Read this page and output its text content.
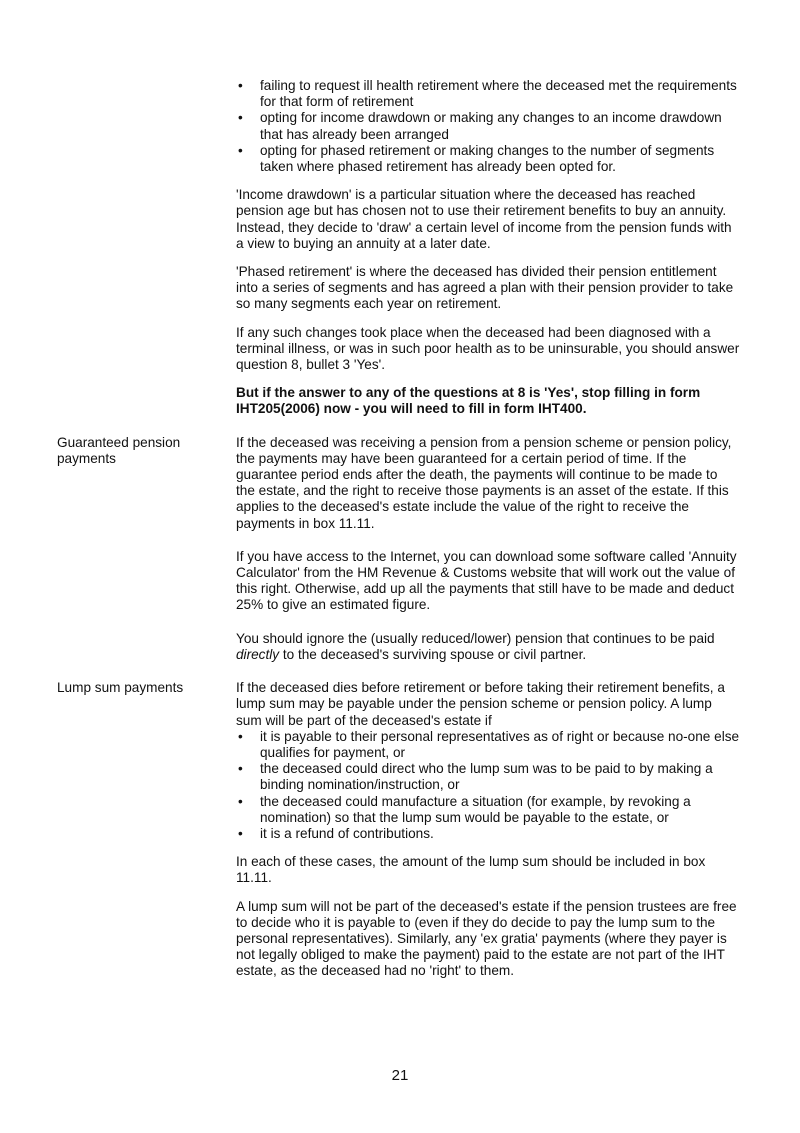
• failing to request ill health retirement where the deceased met the requirements for that form of retirement
• opting for income drawdown or making any changes to an income drawdown that has already been arranged
• opting for phased retirement or making changes to the number of segments taken where phased retirement has already been opted for.

'Income drawdown' is a particular situation where the deceased has reached pension age but has chosen not to use their retirement benefits to buy an annuity. Instead, they decide to 'draw' a certain level of income from the pension funds with a view to buying an annuity at a later date.

'Phased retirement' is where the deceased has divided their pension entitlement into a series of segments and has agreed a plan with their pension provider to take so many segments each year on retirement.

If any such changes took place when the deceased had been diagnosed with a terminal illness, or was in such poor health as to be uninsurable, you should answer question 8, bullet 3 'Yes'.

But if the answer to any of the questions at 8 is 'Yes', stop filling in form IHT205(2006) now - you will need to fill in form IHT400.

Guaranteed pension payments

If the deceased was receiving a pension from a pension scheme or pension policy, the payments may have been guaranteed for a certain period of time. If the guarantee period ends after the death, the payments will continue to be made to the estate, and the right to receive those payments is an asset of the estate. If this applies to the deceased's estate include the value of the right to receive the payments in box 11.11.

If you have access to the Internet, you can download some software called 'Annuity Calculator' from the HM Revenue & Customs website that will work out the value of this right. Otherwise, add up all the payments that still have to be made and deduct 25% to give an estimated figure.

You should ignore the (usually reduced/lower) pension that continues to be paid directly to the deceased's surviving spouse or civil partner.

Lump sum payments	If the deceased dies before retirement or before taking their retirement benefits, a lump sum may be payable under the pension scheme or pension policy. A lump sum will be part of the deceased's estate if

• it is payable to their personal representatives as of right or because no-one else qualifies for payment, or
• the deceased could direct who the lump sum was to be paid to by making a binding nomination/instruction, or
• the deceased could manufacture a situation (for example, by revoking a nomination) so that the lump sum would be payable to the estate, or
• it is a refund of contributions.

In each of these cases, the amount of the lump sum should be included in box 11.11.

A lump sum will not be part of the deceased's estate if the pension trustees are free to decide who it is payable to (even if they do decide to pay the lump sum to the personal representatives). Similarly, any 'ex gratia' payments (where they payer is not legally obliged to make the payment) paid to the estate are not part of the IHT estate, as the deceased had no 'right' to them.

21
